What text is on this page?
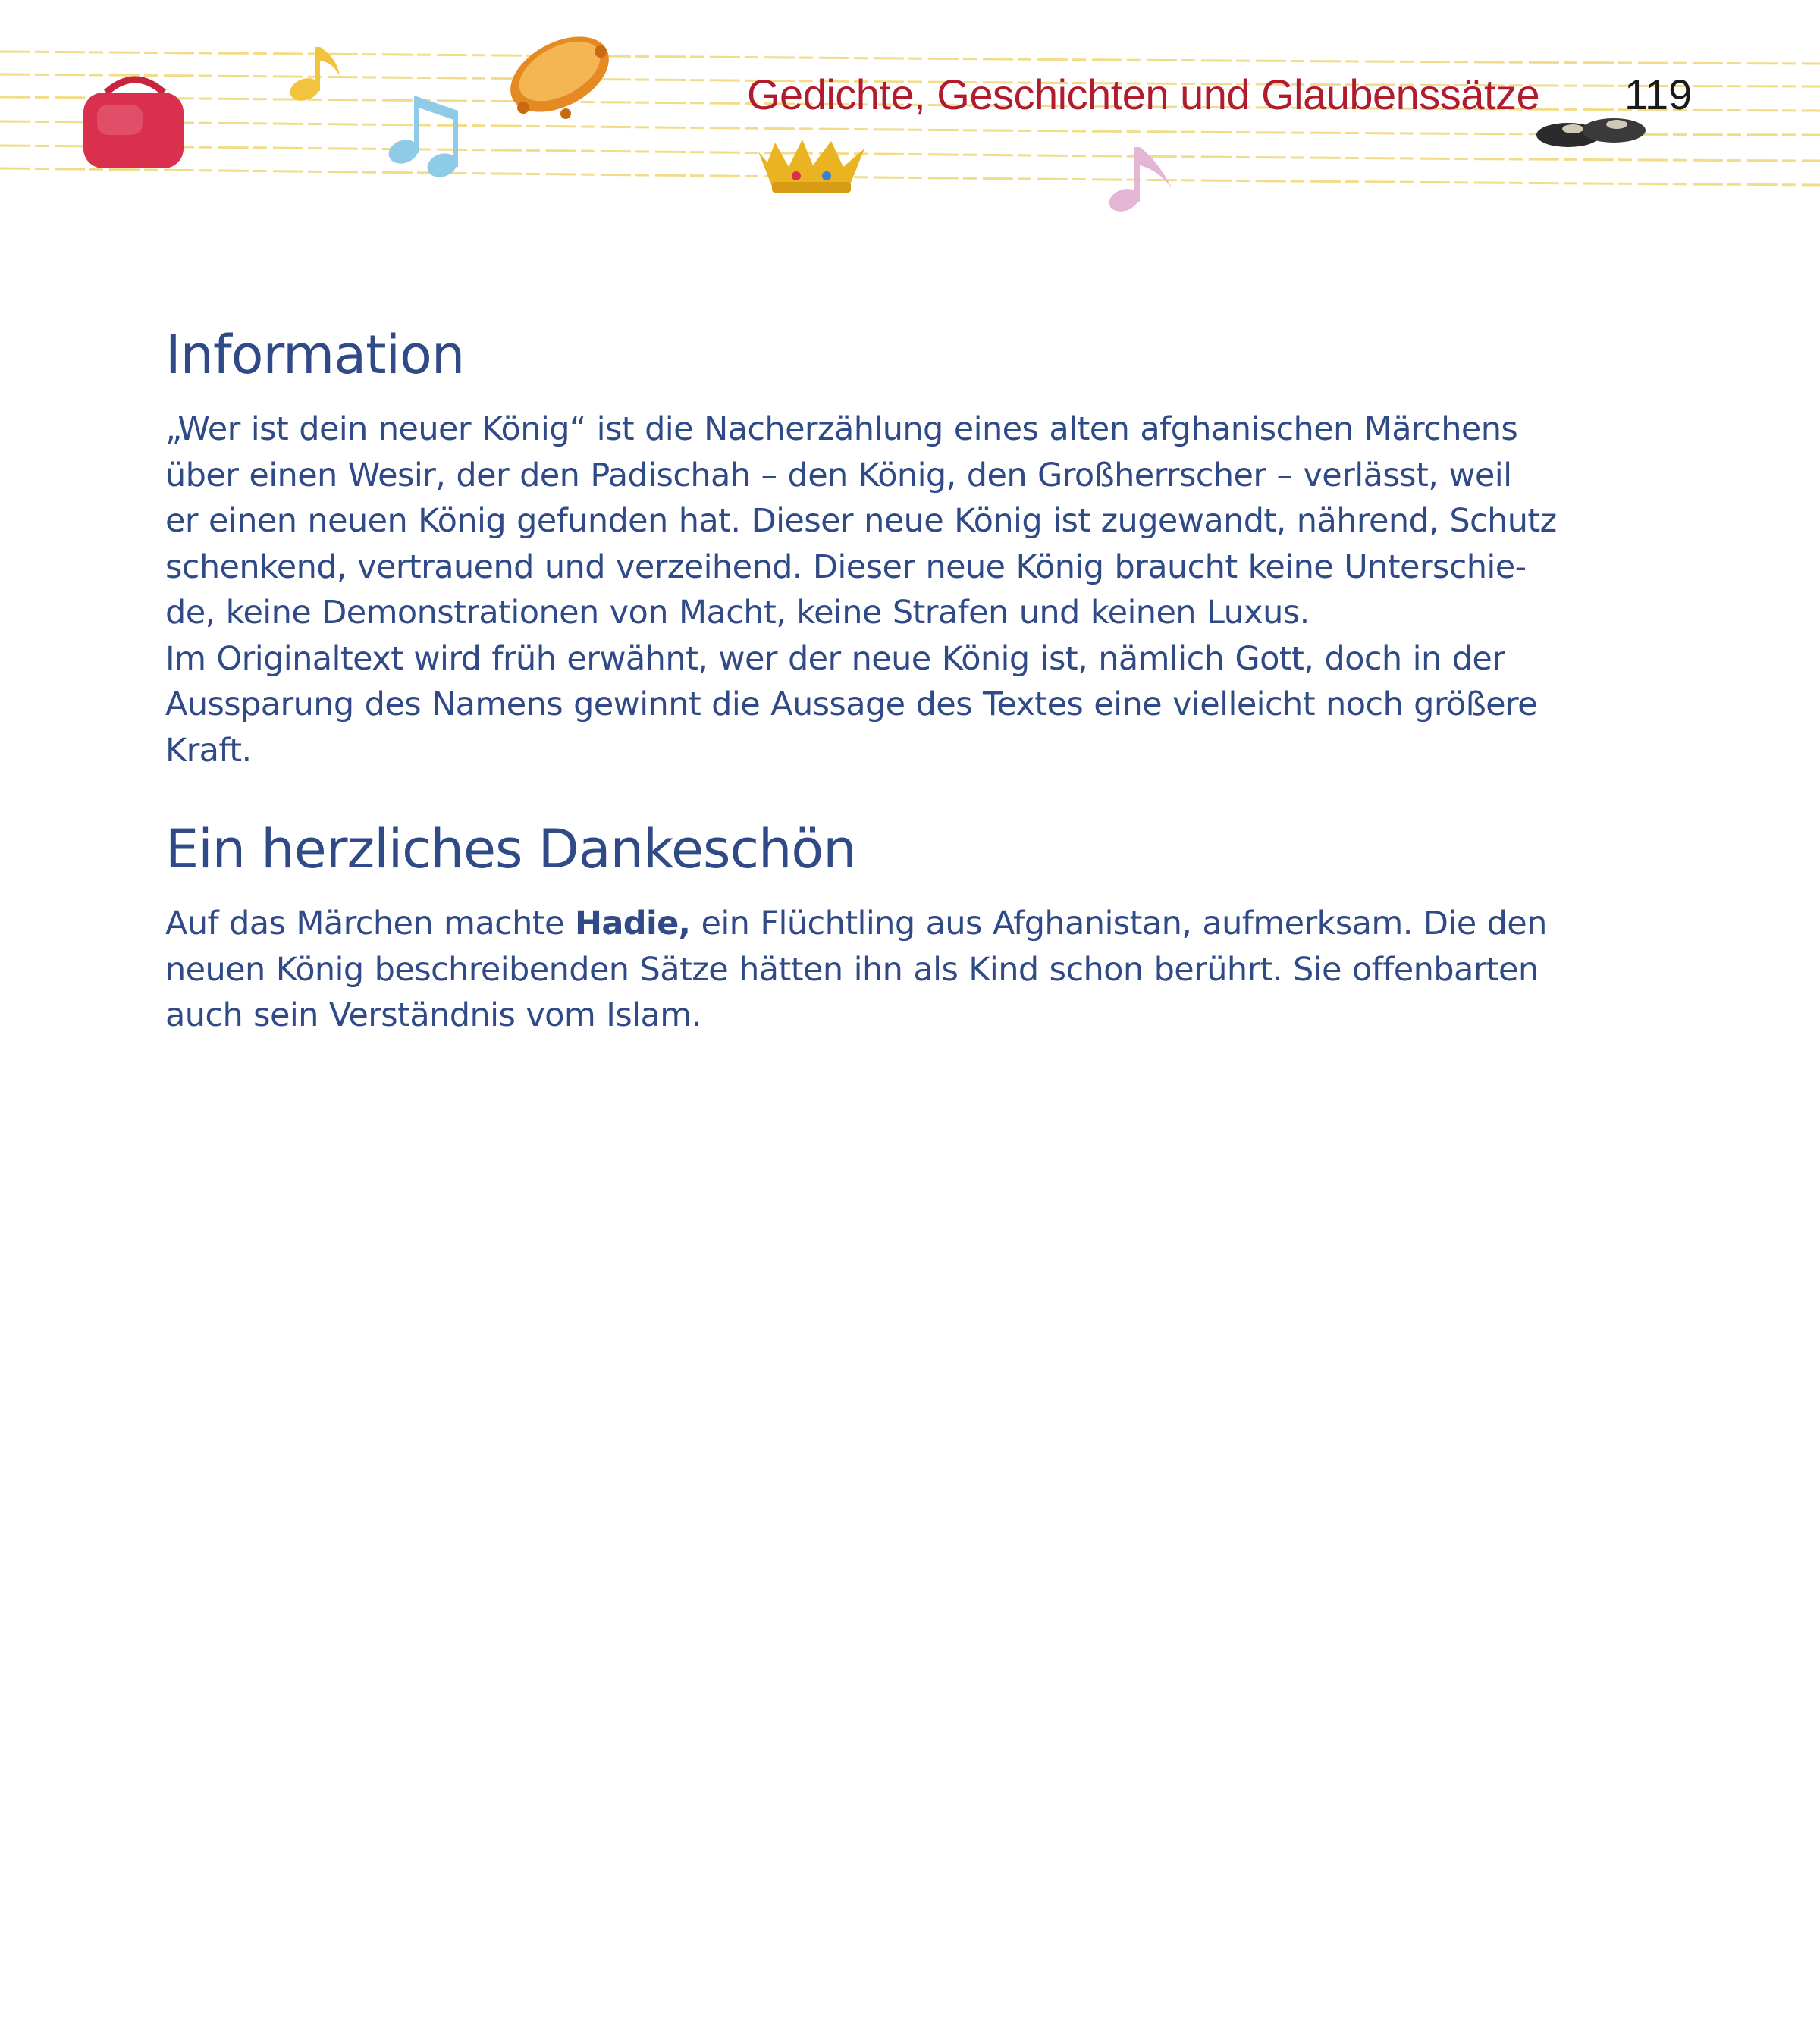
Gedichte, Geschichten und Glaubenssätze 119
Information

„Wer ist dein neuer König“ ist die Nacherzählung eines alten afghanischen Märchens
über einen Wesir, der den Padischah – den König, den Großherrscher – verlässt, weil
er einen neuen König gefunden hat. Dieser neue König ist zugewandt, nährend, Schutz
schenkend, vertrauend und verzeihend. Dieser neue König braucht keine Unterschie-
de, keine Demonstrationen von Macht, keine Strafen und keinen Luxus.
Im Originaltext wird früh erwähnt, wer der neue König ist, nämlich Gott, doch in der
Aussparung des Namens gewinnt die Aussage des Textes eine vielleicht noch größere
Kraft.

Ein herzliches Dankeschön

Auf das Märchen machte Hadie, ein Flüchtling aus Afghanistan, aufmerksam. Die den
neuen König beschreibenden Sätze hätten ihn als Kind schon berührt. Sie offenbarten
auch sein Verständnis vom Islam.
